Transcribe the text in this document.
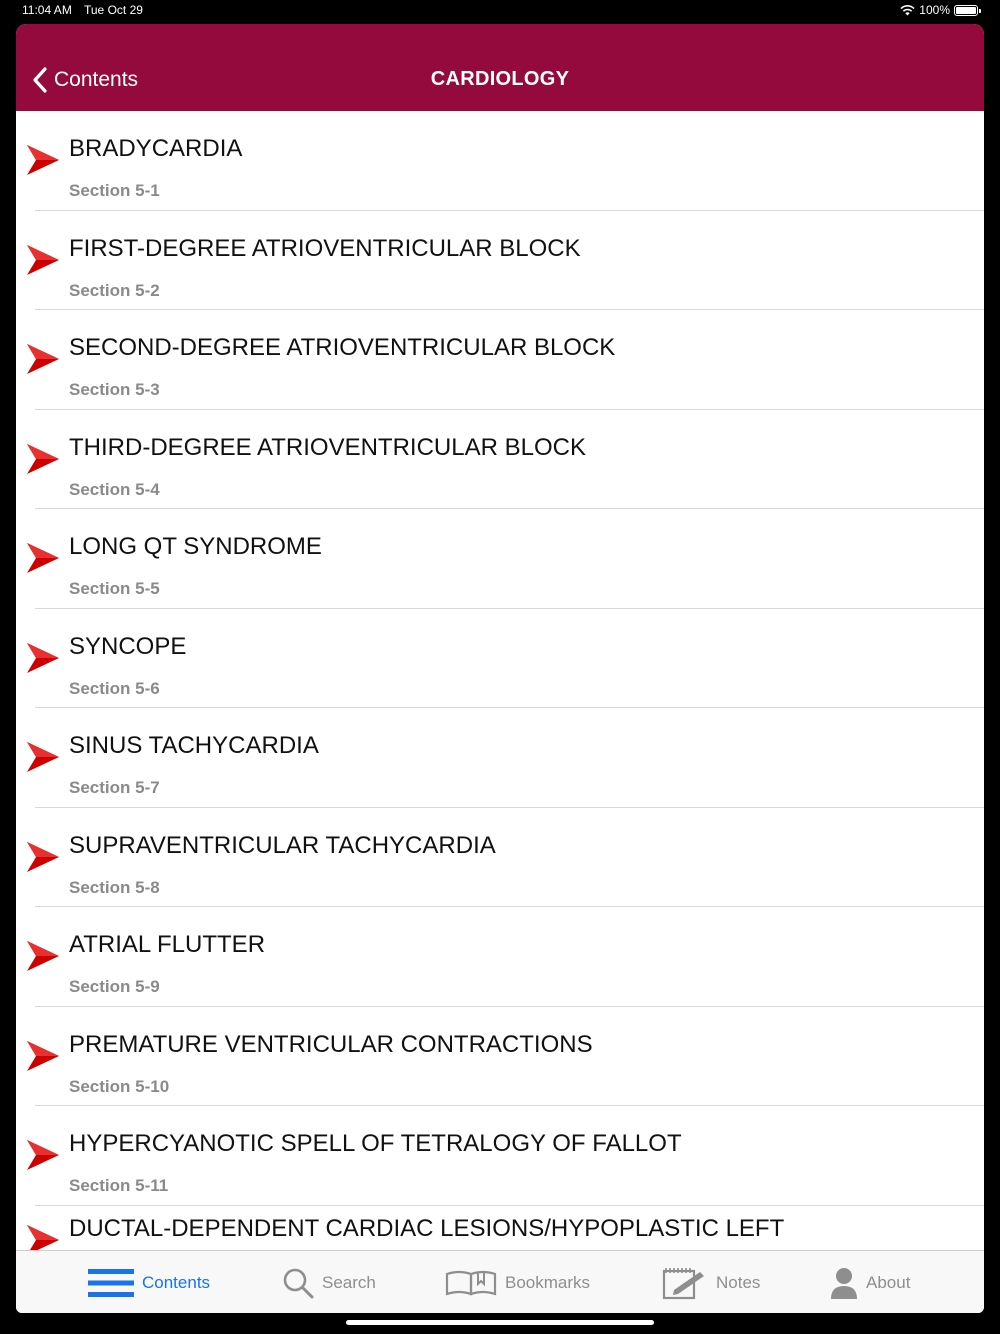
11:04 AM Tue Oct 29	100%
Contents	CARDIOLOGY
BRADYCARDIA
Section 5-1
FIRST-DEGREE ATRIOVENTRICULAR BLOCK
Section 5-2
SECOND-DEGREE ATRIOVENTRICULAR BLOCK
Section 5-3
THIRD-DEGREE ATRIOVENTRICULAR BLOCK
Section 5-4
LONG QT SYNDROME
Section 5-5
SYNCOPE
Section 5-6
SINUS TACHYCARDIA
Section 5-7
SUPRAVENTRICULAR TACHYCARDIA
Section 5-8
ATRIAL FLUTTER
Section 5-9
PREMATURE VENTRICULAR CONTRACTIONS
Section 5-10
HYPERCYANOTIC SPELL OF TETRALOGY OF FALLOT
Section 5-11
DUCTAL-DEPENDENT CARDIAC LESIONS/HYPOPLASTIC LEFT
Contents	Search	Bookmarks	Notes	About
